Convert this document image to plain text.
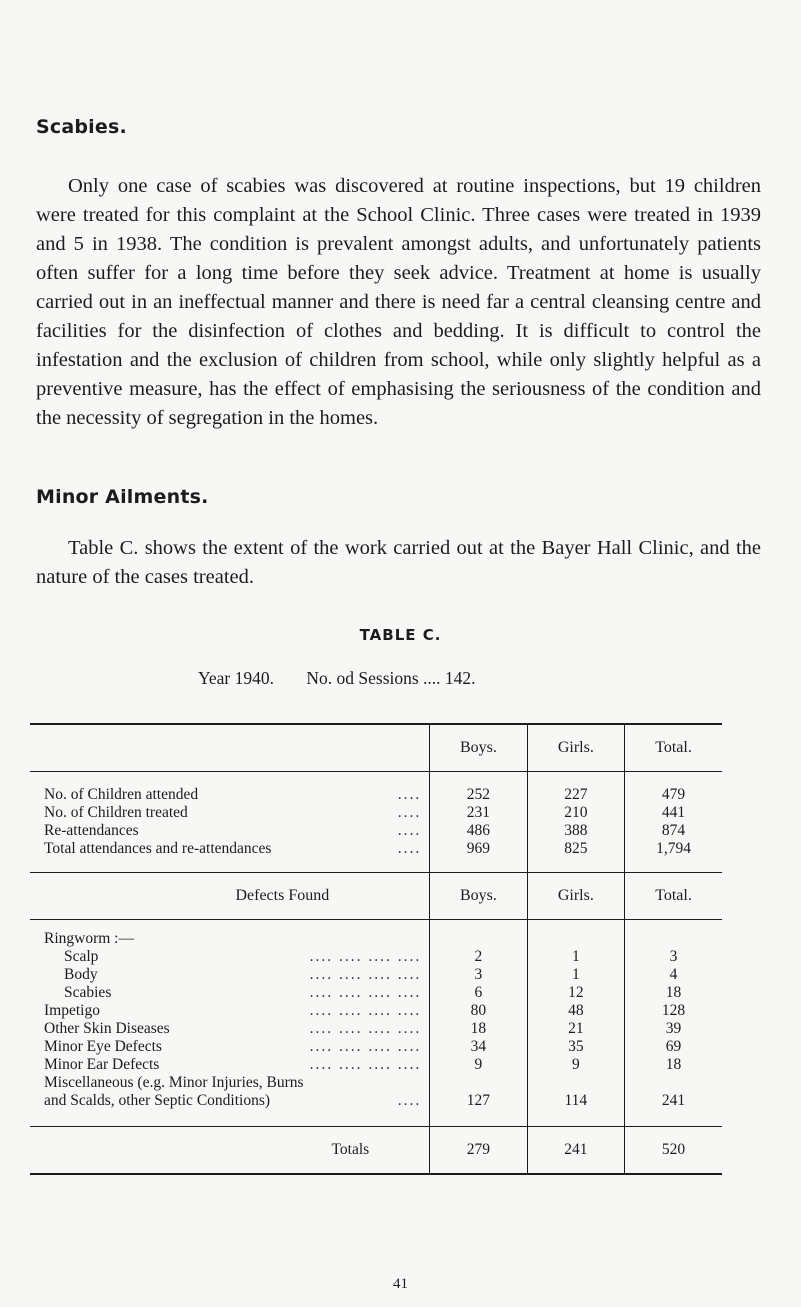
Scabies.
Only one case of scabies was discovered at routine inspections, but 19 children were treated for this complaint at the School Clinic. Three cases were treated in 1939 and 5 in 1938. The condition is prevalent amongst adults, and unfortunately patients often suffer for a long time before they seek advice. Treatment at home is usually carried out in an ineffectual manner and there is need far a central cleansing centre and facilities for the disinfection of clothes and bedding. It is difficult to control the infestation and the exclusion of children from school, while only slightly helpful as a preventive measure, has the effect of emphasising the seriousness of the condition and the necessity of segregation in the homes.
Minor Ailments.
Table C. shows the extent of the work carried out at the Bayer Hall Clinic, and the nature of the cases treated.
TABLE C.
Year 1940. No. od Sessions .... 142.
	Boys.	Girls.	Total.

No. of Children attended ....	252	227	479

No. of Children treated ....	231	210	441

Re-attendances ....	486	388	874

Total attendances and re-attendances ....	969	825	1,794

Defects Found	Boys.	Girls.	Total.

Ringworm :—			

Scalp .... .... .... ....	2	1	3

Body .... .... .... ....	3	1	4

Scabies .... .... .... ....	6	12	18

Impetigo .... .... .... ....	80	48	128

Other Skin Diseases .... .... .... ....	18	21	39

Minor Eye Defects .... .... .... ....	34	35	69

Minor Ear Defects .... .... .... ....	9	9	18

Miscellaneous (e.g. Minor Injuries, Burns			

and Scalds, other Septic Conditions) ....	127	114	241

Totals	279	241	520
41
